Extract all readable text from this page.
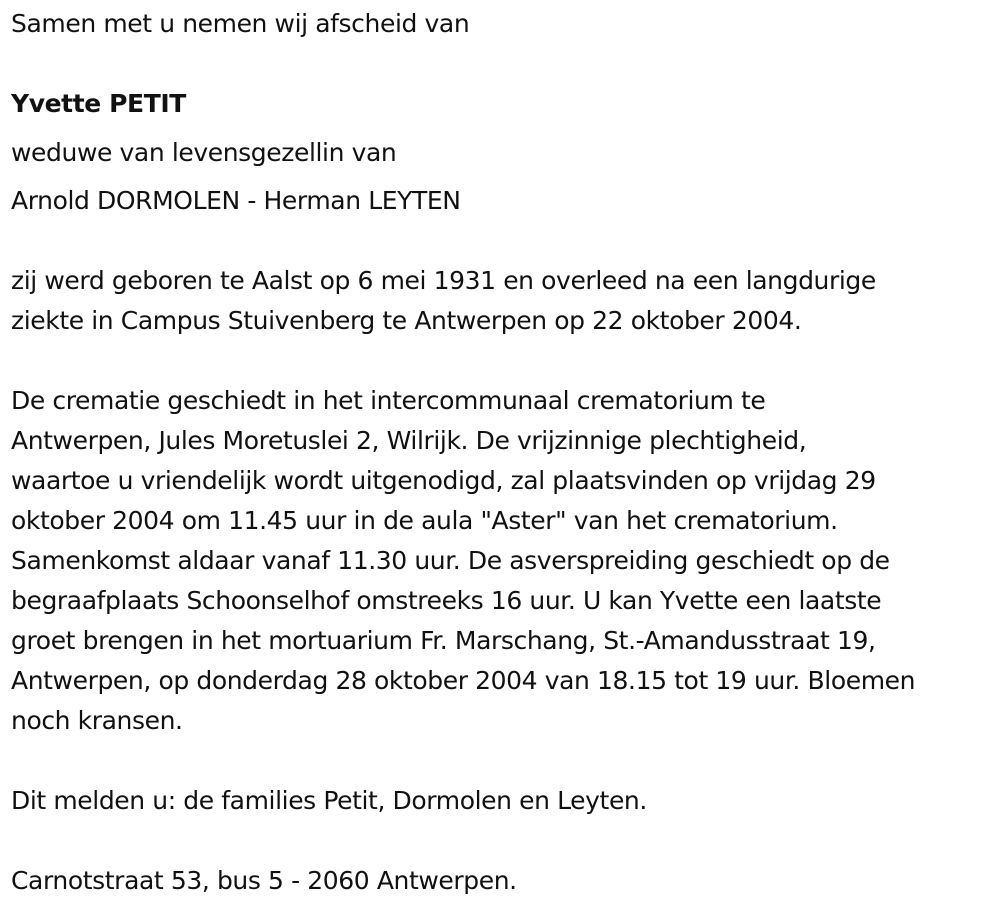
Samen met u nemen wij afscheid van
Yvette PETIT
weduwe van levensgezellin van
Arnold DORMOLEN - Herman LEYTEN
zij werd geboren te Aalst op 6 mei 1931 en overleed na een langdurige
ziekte in Campus Stuivenberg te Antwerpen op 22 oktober 2004.
De crematie geschiedt in het intercommunaal crematorium te
Antwerpen, Jules Moretuslei 2, Wilrijk. De vrijzinnige plechtigheid,
waartoe u vriendelijk wordt uitgenodigd, zal plaatsvinden op vrijdag 29
oktober 2004 om 11.45 uur in de aula "Aster" van het crematorium.
Samenkomst aldaar vanaf 11.30 uur. De asverspreiding geschiedt op de
begraafplaats Schoonselhof omstreeks 16 uur. U kan Yvette een laatste
groet brengen in het mortuarium Fr. Marschang, St.-Amandusstraat 19,
Antwerpen, op donderdag 28 oktober 2004 van 18.15 tot 19 uur. Bloemen
noch kransen.
Dit melden u: de families Petit, Dormolen en Leyten.
Carnotstraat 53, bus 5 - 2060 Antwerpen.
